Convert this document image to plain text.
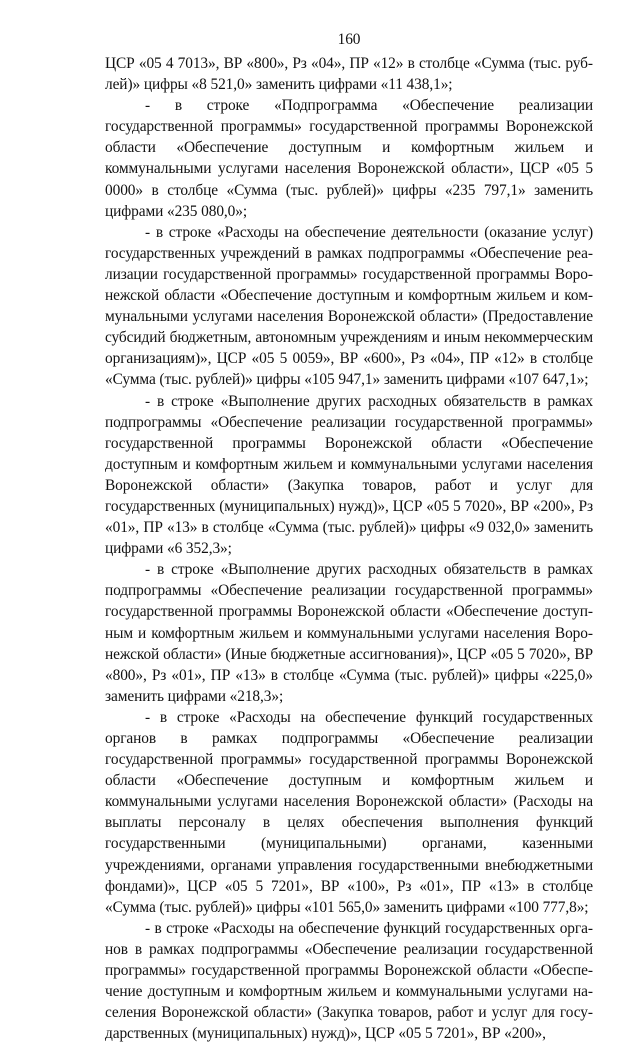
160

ЦСР «05 4 7013», ВР «800», Рз «04», ПР «12» в столбце «Сумма (тыс. рублей)» цифры «8 521,0» заменить цифрами «11 438,1»;

- в строке «Подпрограмма «Обеспечение реализации государственной программы» государственной программы Воронежской области «Обеспечение доступным и комфортным жильем и коммунальными услугами населения Воронежской области», ЦСР «05 5 0000» в столбце «Сумма (тыс. рублей)» цифры «235 797,1» заменить цифрами «235 080,0»;

- в строке «Расходы на обеспечение деятельности (оказание услуг) государственных учреждений в рамках подпрограммы «Обеспечение реализации государственной программы» государственной программы Воронежской области «Обеспечение доступным и комфортным жильем и коммунальными услугами населения Воронежской области» (Предоставление субсидий бюджетным, автономным учреждениям и иным некоммерческим организациям)», ЦСР «05 5 0059», ВР «600», Рз «04», ПР «12» в столбце «Сумма (тыс. рублей)» цифры «105 947,1» заменить цифрами «107 647,1»;

- в строке «Выполнение других расходных обязательств в рамках подпрограммы «Обеспечение реализации государственной программы» государственной программы Воронежской области «Обеспечение доступным и комфортным жильем и коммунальными услугами населения Воронежской области» (Закупка товаров, работ и услуг для государственных (муниципальных) нужд)», ЦСР «05 5 7020», ВР «200», Рз «01», ПР «13» в столбце «Сумма (тыс. рублей)» цифры «9 032,0» заменить цифрами «6 352,3»;

- в строке «Выполнение других расходных обязательств в рамках подпрограммы «Обеспечение реализации государственной программы» государственной программы Воронежской области «Обеспечение доступным и комфортным жильем и коммунальными услугами населения Воронежской области» (Иные бюджетные ассигнования)», ЦСР «05 5 7020», ВР «800», Рз «01», ПР «13» в столбце «Сумма (тыс. рублей)» цифры «225,0» заменить цифрами «218,3»;

- в строке «Расходы на обеспечение функций государственных органов в рамках подпрограммы «Обеспечение реализации государственной программы» государственной программы Воронежской области «Обеспечение доступным и комфортным жильем и коммунальными услугами населения Воронежской области» (Расходы на выплаты персоналу в целях обеспечения выполнения функций государственными (муниципальными) органами, казенными учреждениями, органами управления государственными внебюджетными фондами)», ЦСР «05 5 7201», ВР «100», Рз «01», ПР «13» в столбце «Сумма (тыс. рублей)» цифры «101 565,0» заменить цифрами «100 777,8»;

- в строке «Расходы на обеспечение функций государственных органов в рамках подпрограммы «Обеспечение реализации государственной программы» государственной программы Воронежской области «Обеспечение доступным и комфортным жильем и коммунальными услугами населения Воронежской области» (Закупка товаров, работ и услуг для государственных (муниципальных) нужд)», ЦСР «05 5 7201», ВР «200»,
